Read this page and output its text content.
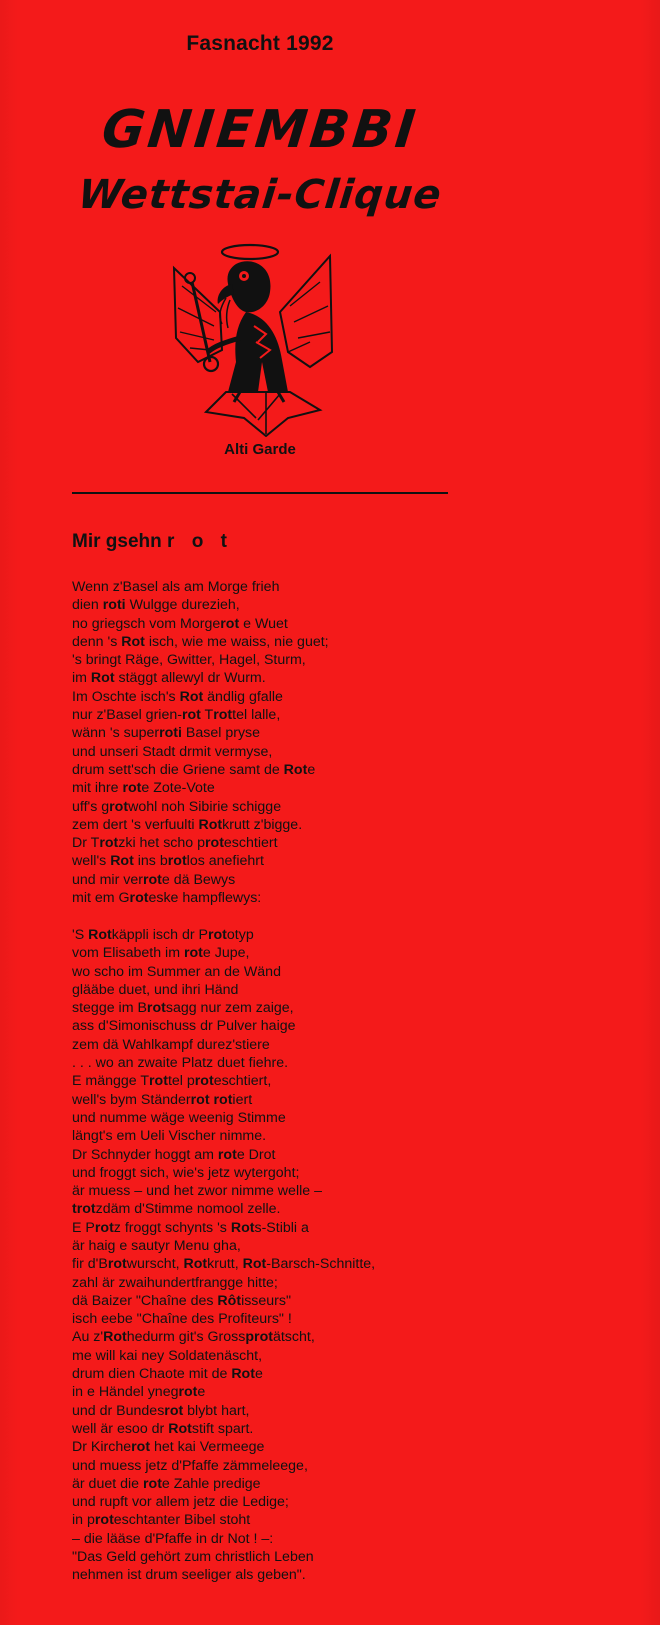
Fasnacht 1992
GNIEMBBI
Wettstai-Clique
Alti Garde
Mir gsehn r o t
Wenn z'Basel als am Morge frieh
dien roti Wulgge durezieh,
no griegsch vom Morgerot e Wuet
denn 's Rot isch, wie me waiss, nie guet;
's bringt Räge, Gwitter, Hagel, Sturm,
im Rot stäggt allewyl dr Wurm.
Im Oschte isch's Rot ändlig gfalle
nur z'Basel grien-rot Trottel lalle,
wänn 's superroti Basel pryse
und unseri Stadt drmit vermyse,
drum sett'sch die Griene samt de Rote
mit ihre rote Zote-Vote
uff's grotwohl noh Sibirie schigge
zem dert 's verfuulti Rotkrutt z'bigge.
Dr Trotzki het scho proteschtiert
well's Rot ins brotlos anefiehrt
und mir verrote dä Bewys
mit em Groteske hampflewys:
'S Rotkäppli isch dr Prototyp
vom Elisabeth im rote Jupe,
wo scho im Summer an de Wänd
glääbe duet, und ihri Händ
stegge im Brotsagg nur zem zaige,
ass d'Simonischuss dr Pulver haige
zem dä Wahlkampf durez'stiere
. . . wo an zwaite Platz duet fiehre.
E mängge Trottel proteschtiert,
well's bym Ständerrot rotiert
und numme wäge weenig Stimme
längt's em Ueli Vischer nimme.
Dr Schnyder hoggt am rote Drot
und froggt sich, wie's jetz wytergoht;
är muess – und het zwor nimme welle –
trotzdäm d'Stimme nomool zelle.
E Protz froggt schynts 's Rots-Stibli a
är haig e sautyr Menu gha,
fir d'Brotwurscht, Rotkrutt, Rot-Barsch-Schnitte,
zahl är zwaihundertfrangge hitte;
dä Baizer "Chaîne des Rôtisseurs"
isch eebe "Chaîne des Profiteurs" !
Au z'Rothedurm git's Grossprotätscht,
me will kai ney Soldatenäscht,
drum dien Chaote mit de Rote
in e Händel ynegrote
und dr Bundesrot blybt hart,
well är esoo dr Rotstift spart.
Dr Kircherot het kai Vermeege
und muess jetz d'Pfaffe zämmeleege,
är duet die rote Zahle predige
und rupft vor allem jetz die Ledige;
in proteschtanter Bibel stoht
– die lääse d'Pfaffe in dr Not ! –:
"Das Geld gehört zum christlich Leben
nehmen ist drum seeliger als geben".
